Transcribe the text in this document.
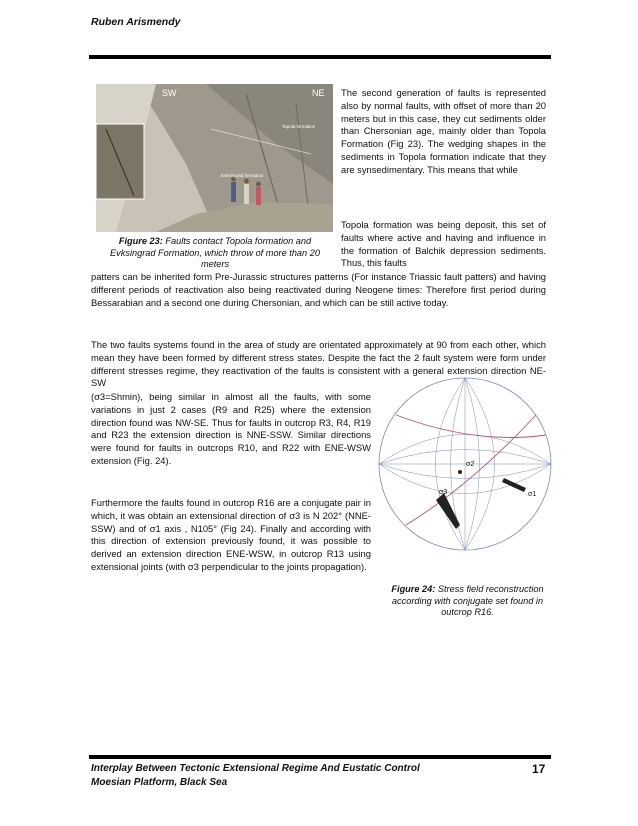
Ruben Arismendy
SW	NE
Evksingrad formation
Topola formation
Figure 23: Faults contact Topola formation and Evksingrad Formation, which throw of more than 20 meters

The second generation of faults is represented also by normal faults, with offset of more than 20 meters but in this case, they cut sediments older than Chersonian age, mainly older than Topola Formation (Fig 23). The wedging shapes in the sediments in Topola formation indicate that they are synsedimentary. This means that while

Topola formation was being deposit, this set of faults where active and having and influence in the formation of Balchik depression sediments. Thus, this faults

patters can be inherited form Pre-Jurassic structures patterns (For instance Triassic fault patters) and having different periods of reactivation also being reactivated during Neogene times: Therefore first period during Bessarabian and a second one during Chersonian, and which can be still active today.

The two faults systems found in the area of study are orientated approximately at 90 from each other, which mean they have been formed by different stress states. Despite the fact the 2 fault system were form under different stresses regime, they reactivation of the faults is consistent with a general extension direction NE-SW

(σ3=Shmin), being similar in almost all the faults, with some variations in just 2 cases (R9 and R25) where the extension direction found was NW-SE. Thus for faults in outcrop R3, R4, R19 and R23 the extension direction is NNE-SSW. Similar directions were found for faults in outcrops R10, and R22 with ENE-WSW extension (Fig. 24).

Furthermore the faults found in outcrop R16 are a conjugate pair in which, it was obtain an extensional direction of σ3 is N 202° (NNE-SSW) and of σ1 axis , N105° (Fig 24). Finally and according with this direction of extension previously found, it was possible to derived an extension direction ENE-WSW, in outcrop R13 using extensional joints (with σ3 perpendicular to the joints propagation).

σ2
σ1
σ3
Figure 24: Stress field reconstruction according with conjugate set found in outcrop R16.
Interplay Between Tectonic Extensional Regime And Eustatic Control
Moesian Platform, Black Sea
17
